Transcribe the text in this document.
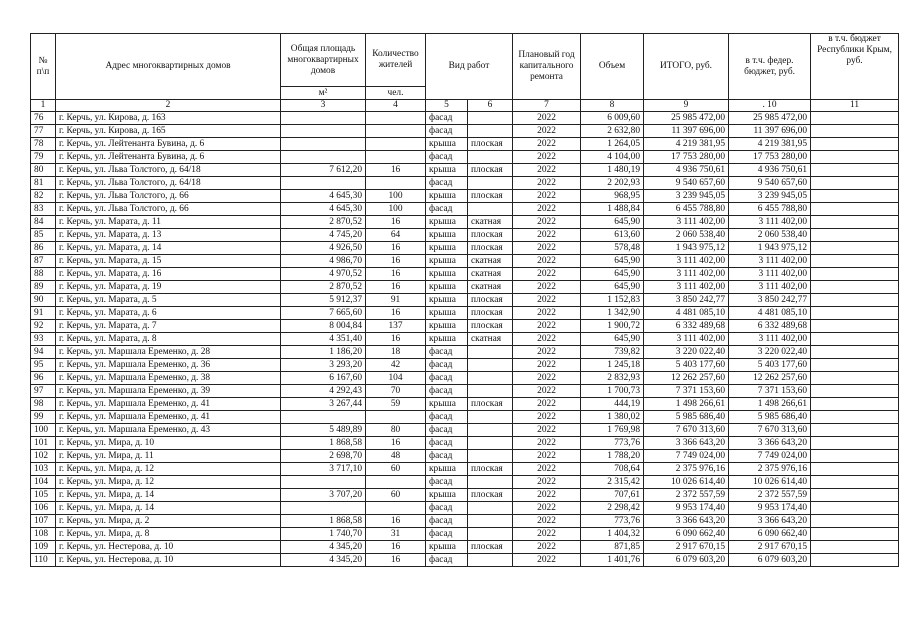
№ п\п	Адрес многоквартирных домов	Общая площадь многоквартирных домов	Количество жителей	Вид работ		Плановый год капитального ремонта	Объем	ИТОГО, руб.	в т.ч. федер. бюджет, руб.	в т.ч. бюджет Республики Крым, руб.
		м²	чел.							
1	2	3	4	5	6	7	8	9	. 10	11
76	г. Керчь, ул. Кирова, д. 163			фасад		2022	6 009,60	25 985 472,00	25 985 472,00	
77	г. Керчь, ул. Кирова, д. 165			фасад		2022	2 632,80	11 397 696,00	11 397 696,00	
78	г. Керчь, ул. Лейтенанта Бувина, д. 6			крыша	плоская	2022	1 264,05	4 219 381,95	4 219 381,95	
79	г. Керчь, ул. Лейтенанта Бувина, д. 6			фасад		2022	4 104,00	17 753 280,00	17 753 280,00	
80	г. Керчь, ул. Льва Толстого, д. 64/18	7 612,20	16	крыша	плоская	2022	1 480,19	4 936 750,61	4 936 750,61	
81	г. Керчь, ул. Льва Толстого, д. 64/18			фасад		2022	2 202,93	9 540 657,60	9 540 657,60	
82	г. Керчь, ул. Льва Толстого, д. 66	4 645,30	100	крыша	плоская	2022	968,95	3 239 945,05	3 239 945,05	
83	г. Керчь, ул. Льва Толстого, д. 66	4 645,30	100	фасад		2022	1 488,84	6 455 788,80	6 455 788,80	
84	г. Керчь, ул. Марата, д. 11	2 870,52	16	крыша	скатная	2022	645,90	3 111 402,00	3 111 402,00	
85	г. Керчь, ул. Марата, д. 13	4 745,20	64	крыша	плоская	2022	613,60	2 060 538,40	2 060 538,40	
86	г. Керчь, ул. Марата, д. 14	4 926,50	16	крыша	плоская	2022	578,48	1 943 975,12	1 943 975,12	
87	г. Керчь, ул. Марата, д. 15	4 986,70	16	крыша	скатная	2022	645,90	3 111 402,00	3 111 402,00	
88	г. Керчь, ул. Марата, д. 16	4 970,52	16	крыша	скатная	2022	645,90	3 111 402,00	3 111 402,00	
89	г. Керчь, ул. Марата, д. 19	2 870,52	16	крыша	скатная	2022	645,90	3 111 402,00	3 111 402,00	
90	г. Керчь, ул. Марата, д. 5	5 912,37	91	крыша	плоская	2022	1 152,83	3 850 242,77	3 850 242,77	
91	г. Керчь, ул. Марата, д. 6	7 665,60	16	крыша	плоская	2022	1 342,90	4 481 085,10	4 481 085,10	
92	г. Керчь, ул. Марата, д. 7	8 004,84	137	крыша	плоская	2022	1 900,72	6 332 489,68	6 332 489,68	
93	г. Керчь, ул. Марата, д. 8	4 351,40	16	крыша	скатная	2022	645,90	3 111 402,00	3 111 402,00	
94	г. Керчь, ул. Маршала Еременко, д. 28	1 186,20	18	фасад		2022	739,82	3 220 022,40	3 220 022,40	
95	г. Керчь, ул. Маршала Еременко, д. 36	3 293,20	42	фасад		2022	1 245,18	5 403 177,60	5 403 177,60	
96	г. Керчь, ул. Маршала Еременко, д. 38	6 167,60	104	фасад		2022	2 832,93	12 262 257,60	12 262 257,60	
97	г. Керчь, ул. Маршала Еременко, д. 39	4 292,43	70	фасад		2022	1 700,73	7 371 153,60	7 371 153,60	
98	г. Керчь, ул. Маршала Еременко, д. 41	3 267,44	59	крыша	плоская	2022	444,19	1 498 266,61	1 498 266,61	
99	г. Керчь, ул. Маршала Еременко, д. 41			фасад		2022	1 380,02	5 985 686,40	5 985 686,40	
100	г. Керчь, ул. Маршала Еременко, д. 43	5 489,89	80	фасад		2022	1 769,98	7 670 313,60	7 670 313,60	
101	г. Керчь, ул. Мира, д. 10	1 868,58	16	фасад		2022	773,76	3 366 643,20	3 366 643,20	
102	г. Керчь, ул. Мира, д. 11	2 698,70	48	фасад		2022	1 788,20	7 749 024,00	7 749 024,00	
103	г. Керчь, ул. Мира, д. 12	3 717,10	60	крыша	плоская	2022	708,64	2 375 976,16	2 375 976,16	
104	г. Керчь, ул. Мира, д. 12			фасад		2022	2 315,42	10 026 614,40	10 026 614,40	
105	г. Керчь, ул. Мира, д. 14	3 707,20	60	крыша	плоская	2022	707,61	2 372 557,59	2 372 557,59	
106	г. Керчь, ул. Мира, д. 14			фасад		2022	2 298,42	9 953 174,40	9 953 174,40	
107	г. Керчь, ул. Мира, д. 2	1 868,58	16	фасад		2022	773,76	3 366 643,20	3 366 643,20	
108	г. Керчь, ул. Мира, д. 8	1 740,70	31	фасад		2022	1 404,32	6 090 662,40	6 090 662,40	
109	г. Керчь, ул. Нестерова, д. 10	4 345,20	16	крыша	плоская	2022	871,85	2 917 670,15	2 917 670,15	
110	г. Керчь, ул. Нестерова, д. 10	4 345,20	16	фасад		2022	1 401,76	6 079 603,20	6 079 603,20	
